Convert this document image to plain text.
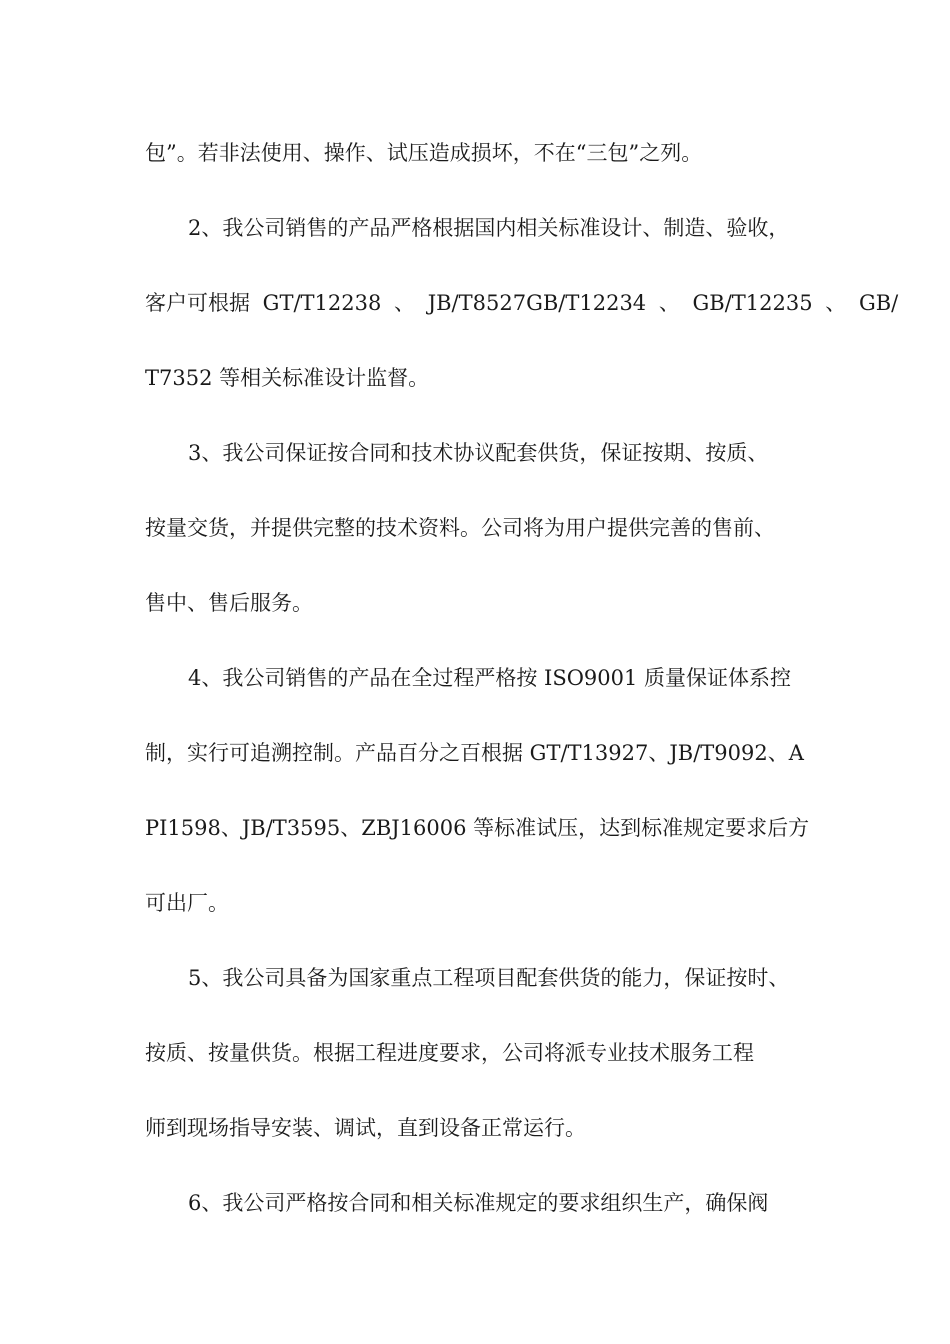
包”。若非法使用、操作、试压造成损坏，不在“三包”之列。
2、我公司销售的产品严格根据国内相关标准设计、制造、验收，
客户可根据 GT/T12238 、 JB/T8527GB/T12234 、 GB/T12235 、 GB/
T7352 等相关标准设计监督。
3、我公司保证按合同和技术协议配套供货，保证按期、按质、
按量交货，并提供完整的技术资料。公司将为用户提供完善的售前、
售中、售后服务。
4、我公司销售的产品在全过程严格按 ISO9001 质量保证体系控
制，实行可追溯控制。产品百分之百根据 GT/T13927、JB/T9092、A
PI1598、JB/T3595、ZBJ16006 等标准试压，达到标准规定要求后方
可出厂。
5、我公司具备为国家重点工程项目配套供货的能力，保证按时、
按质、按量供货。根据工程进度要求，公司将派专业技术服务工程
师到现场指导安装、调试，直到设备正常运行。
6、我公司严格按合同和相关标准规定的要求组织生产，确保阀
